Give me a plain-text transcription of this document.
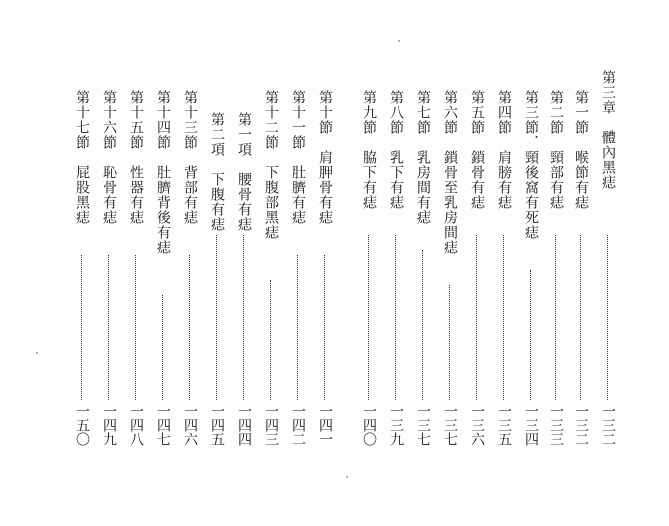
第三章　體內黑痣
一三二
第一節　喉節有痣
一三二
第二節　頸部有痣
一三三
第三節．頸後窩有死痣
一三四
第四節　肩膀有痣
一三五
第五節　鎖骨有痣
一三六
第六節　鎖骨至乳房間痣
一三七
第七節　乳房間有痣
一三七
第八節　乳下有痣
一三九
第九節　脇下有痣
一四〇
第十節　肩胛骨有痣
一四一
第十一節　肚臍有痣
一四二
第十二節　下腹部黑痣
一四三
第一項　腰骨有痣
一四四
第二項　下腹有痣
一四五
第十三節　背部有痣
一四六
第十四節　肚臍背後有痣
一四七
第十五節　性器有痣
一四八
第十六節　恥骨有痣
一四九
第十七節　屁股黑痣
一五〇
